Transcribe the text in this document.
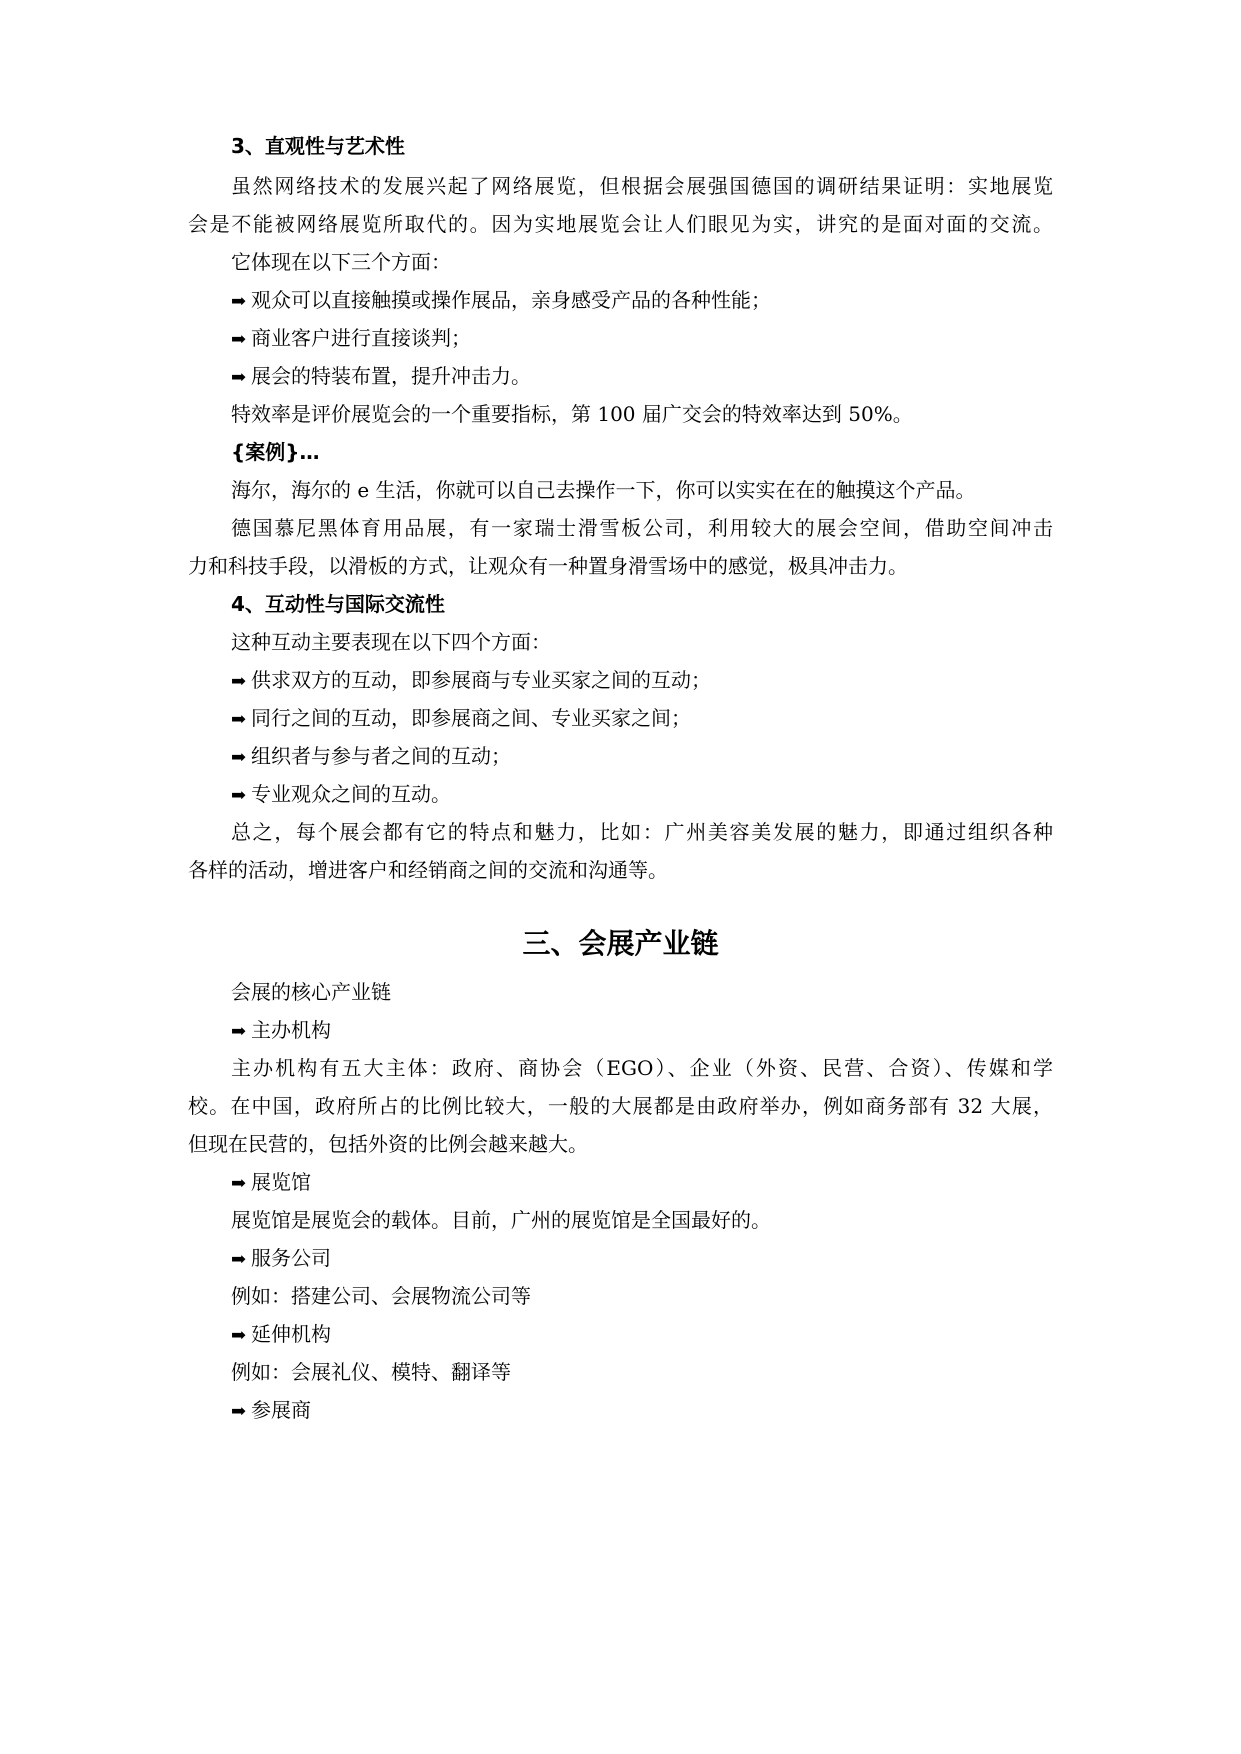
3、直观性与艺术性
虽然网络技术的发展兴起了网络展览，但根据会展强国德国的调研结果证明：实地展览
会是不能被网络展览所取代的。因为实地展览会让人们眼见为实，讲究的是面对面的交流。
它体现在以下三个方面：
➡ 观众可以直接触摸或操作展品，亲身感受产品的各种性能；
➡ 商业客户进行直接谈判；
➡ 展会的特装布置，提升冲击力。
特效率是评价展览会的一个重要指标，第 100 届广交会的特效率达到 50%。
{案例}…
海尔，海尔的 e 生活，你就可以自己去操作一下，你可以实实在在的触摸这个产品。
德国慕尼黑体育用品展，有一家瑞士滑雪板公司，利用较大的展会空间，借助空间冲击
力和科技手段，以滑板的方式，让观众有一种置身滑雪场中的感觉，极具冲击力。
4、互动性与国际交流性
这种互动主要表现在以下四个方面：
➡ 供求双方的互动，即参展商与专业买家之间的互动；
➡ 同行之间的互动，即参展商之间、专业买家之间；
➡ 组织者与参与者之间的互动；
➡ 专业观众之间的互动。
总之，每个展会都有它的特点和魅力，比如：广州美容美发展的魅力，即通过组织各种
各样的活动，增进客户和经销商之间的交流和沟通等。
三、会展产业链
会展的核心产业链
➡ 主办机构
主办机构有五大主体：政府、商协会（EGO）、企业（外资、民营、合资）、传媒和学
校。在中国，政府所占的比例比较大，一般的大展都是由政府举办，例如商务部有 32 大展，
但现在民营的，包括外资的比例会越来越大。
➡ 展览馆
展览馆是展览会的载体。目前，广州的展览馆是全国最好的。
➡ 服务公司
例如：搭建公司、会展物流公司等
➡ 延伸机构
例如：会展礼仪、模特、翻译等
➡ 参展商
